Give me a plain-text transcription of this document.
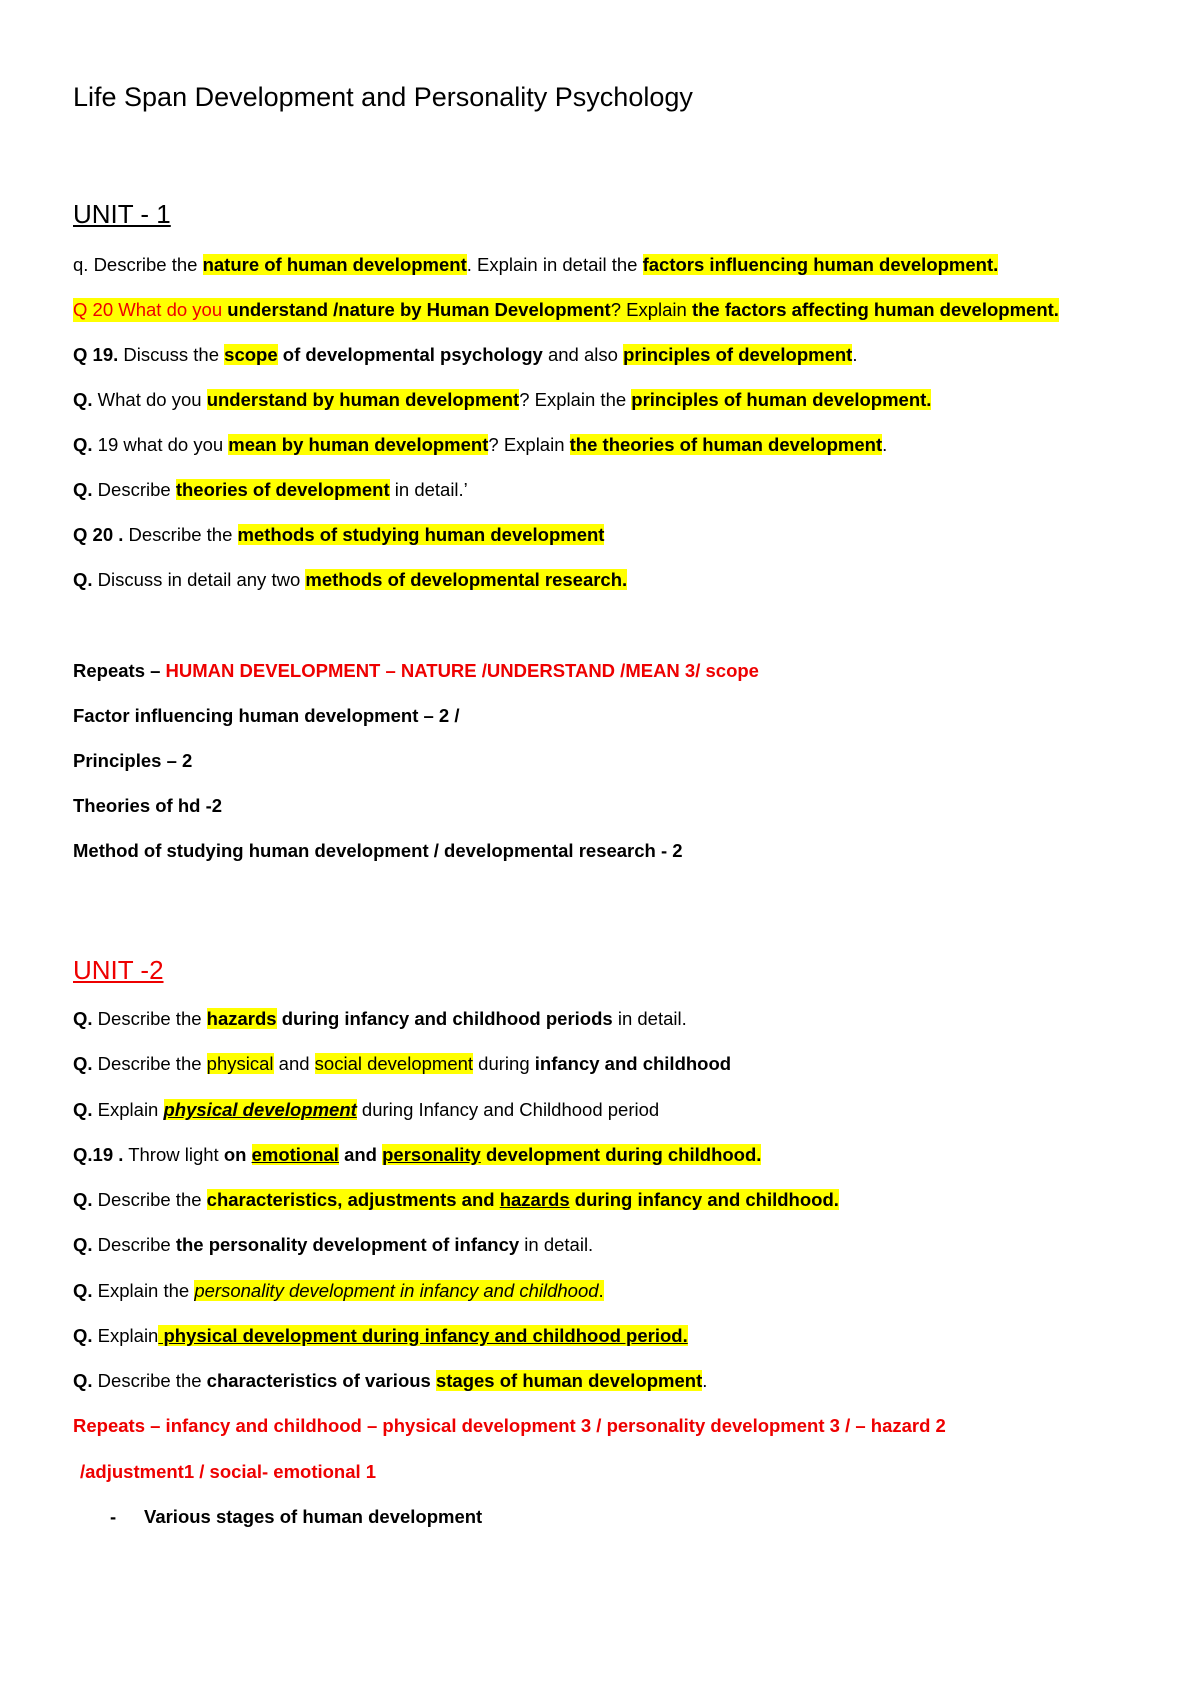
Life Span Development and Personality Psychology
UNIT - 1
q. Describe the nature of human development. Explain in detail the factors influencing human development.
Q 20 What do you understand /nature by Human Development? Explain the factors affecting human development.
Q 19. Discuss the scope of developmental psychology and also principles of development.
Q. What do you understand by human development? Explain the principles of human development.
Q. 19 what do you mean by human development? Explain the theories of human development.
Q. Describe theories of development in detail.’
Q 20 . Describe the methods of studying human development
Q. Discuss in detail any two methods of developmental research.
Repeats – HUMAN DEVELOPMENT – NATURE /UNDERSTAND /MEAN 3/ scope
Factor influencing human development – 2 /
Principles – 2
Theories of hd -2
Method of studying human development / developmental research - 2
UNIT -2
Q. Describe the hazards during infancy and childhood periods in detail.
Q. Describe the physical and social development during infancy and childhood
Q. Explain physical development during Infancy and Childhood period
Q.19 . Throw light on emotional and personality development during childhood.
Q. Describe the characteristics, adjustments and hazards during infancy and childhood.
Q. Describe the personality development of infancy in detail.
Q. Explain the personality development in infancy and childhood.
Q. Explain physical development during infancy and childhood period.
Q. Describe the characteristics of various stages of human development.
Repeats – infancy and childhood – physical development 3 / personality development 3 / – hazard 2
/adjustment1 / social- emotional 1
- Various stages of human development
